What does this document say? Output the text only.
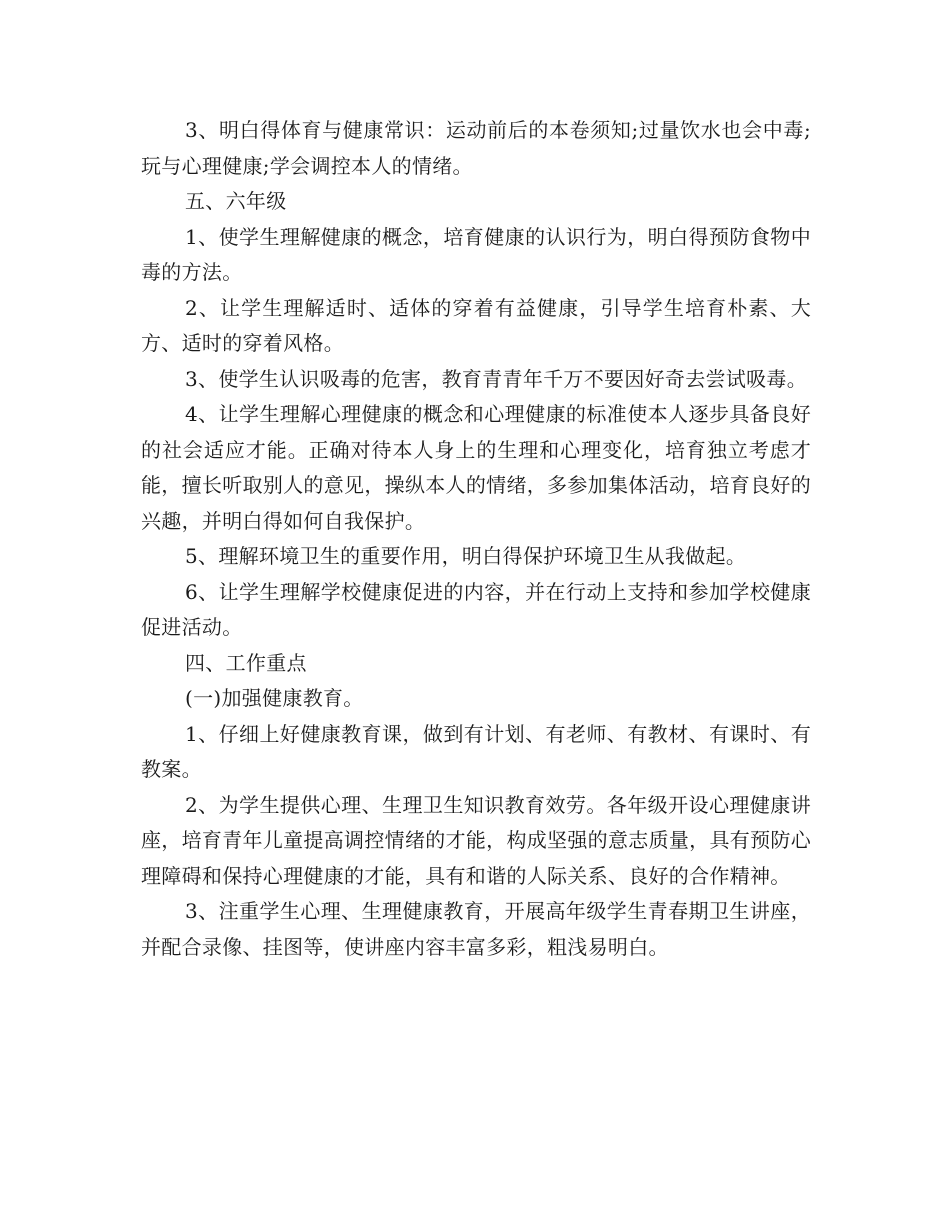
3、明白得体育与健康常识：运动前后的本卷须知;过量饮水也会中毒;玩与心理健康;学会调控本人的情绪。

五、六年级

1、使学生理解健康的概念，培育健康的认识行为，明白得预防食物中毒的方法。

2、让学生理解适时、适体的穿着有益健康，引导学生培育朴素、大方、适时的穿着风格。

3、使学生认识吸毒的危害，教育青青年千万不要因好奇去尝试吸毒。

4、让学生理解心理健康的概念和心理健康的标准使本人逐步具备良好的社会适应才能。正确对待本人身上的生理和心理变化，培育独立考虑才能，擅长听取别人的意见，操纵本人的情绪，多参加集体活动，培育良好的兴趣，并明白得如何自我保护。

5、理解环境卫生的重要作用，明白得保护环境卫生从我做起。

6、让学生理解学校健康促进的内容，并在行动上支持和参加学校健康促进活动。

四、工作重点

(一)加强健康教育。

1、仔细上好健康教育课，做到有计划、有老师、有教材、有课时、有教案。

2、为学生提供心理、生理卫生知识教育效劳。各年级开设心理健康讲座，培育青年儿童提高调控情绪的才能，构成坚强的意志质量，具有预防心理障碍和保持心理健康的才能，具有和谐的人际关系、良好的合作精神。

3、注重学生心理、生理健康教育，开展高年级学生青春期卫生讲座，并配合录像、挂图等，使讲座内容丰富多彩，粗浅易明白。
